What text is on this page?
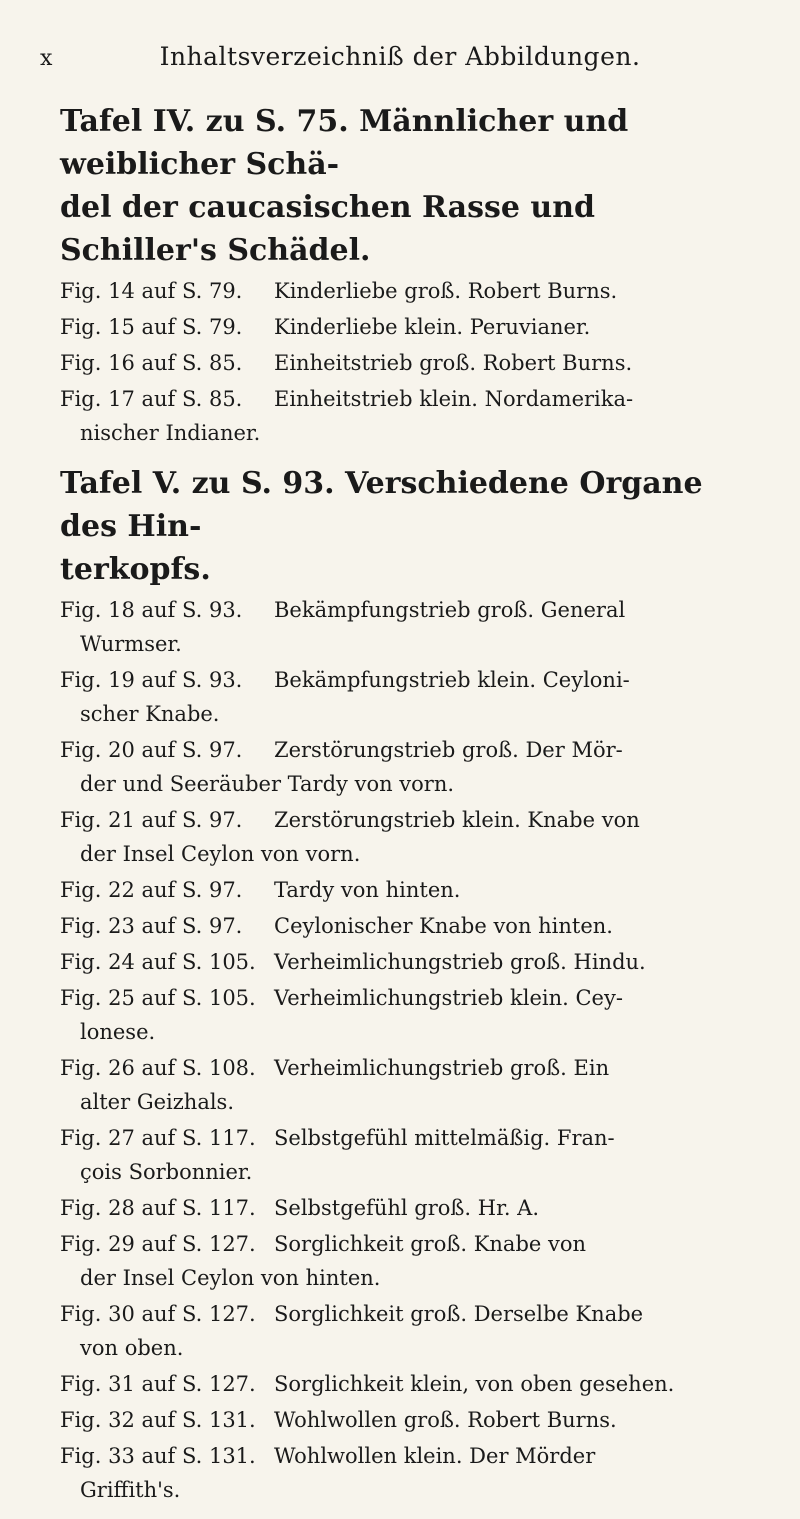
x	Inhaltsverzeichniß der Abbildungen.
Tafel IV. zu S. 75. Männlicher und weiblicher Schä-
del der caucasischen Rasse und Schiller's Schädel.
Fig. 14 auf S. 79. Kinderliebe groß. Robert Burns.
Fig. 15 auf S. 79. Kinderliebe klein. Peruvianer.
Fig. 16 auf S. 85. Einheitstrieb groß. Robert Burns.
Fig. 17 auf S. 85. Einheitstrieb klein. Nordamerika-
nischer Indianer.
Tafel V. zu S. 93. Verschiedene Organe des Hin-
terkopfs.
Fig. 18 auf S. 93. Bekämpfungstrieb groß. General
Wurmser.
Fig. 19 auf S. 93. Bekämpfungstrieb klein. Ceyloni-
scher Knabe.
Fig. 20 auf S. 97. Zerstörungstrieb groß. Der Mör-
der und Seeräuber Tardy von vorn.
Fig. 21 auf S. 97. Zerstörungstrieb klein. Knabe von
der Insel Ceylon von vorn.
Fig. 22 auf S. 97. Tardy von hinten.
Fig. 23 auf S. 97. Ceylonischer Knabe von hinten.
Fig. 24 auf S. 105. Verheimlichungstrieb groß. Hindu.
Fig. 25 auf S. 105. Verheimlichungstrieb klein. Cey-
lonese.
Fig. 26 auf S. 108. Verheimlichungstrieb groß. Ein
alter Geizhals.
Fig. 27 auf S. 117. Selbstgefühl mittelmäßig. Fran-
çois Sorbonnier.
Fig. 28 auf S. 117. Selbstgefühl groß. Hr. A.
Fig. 29 auf S. 127. Sorglichkeit groß. Knabe von
der Insel Ceylon von hinten.
Fig. 30 auf S. 127. Sorglichkeit groß. Derselbe Knabe
von oben.
Fig. 31 auf S. 127. Sorglichkeit klein, von oben gesehen.
Fig. 32 auf S. 131. Wohlwollen groß. Robert Burns.
Fig. 33 auf S. 131. Wohlwollen klein. Der Mörder
Griffith's.
